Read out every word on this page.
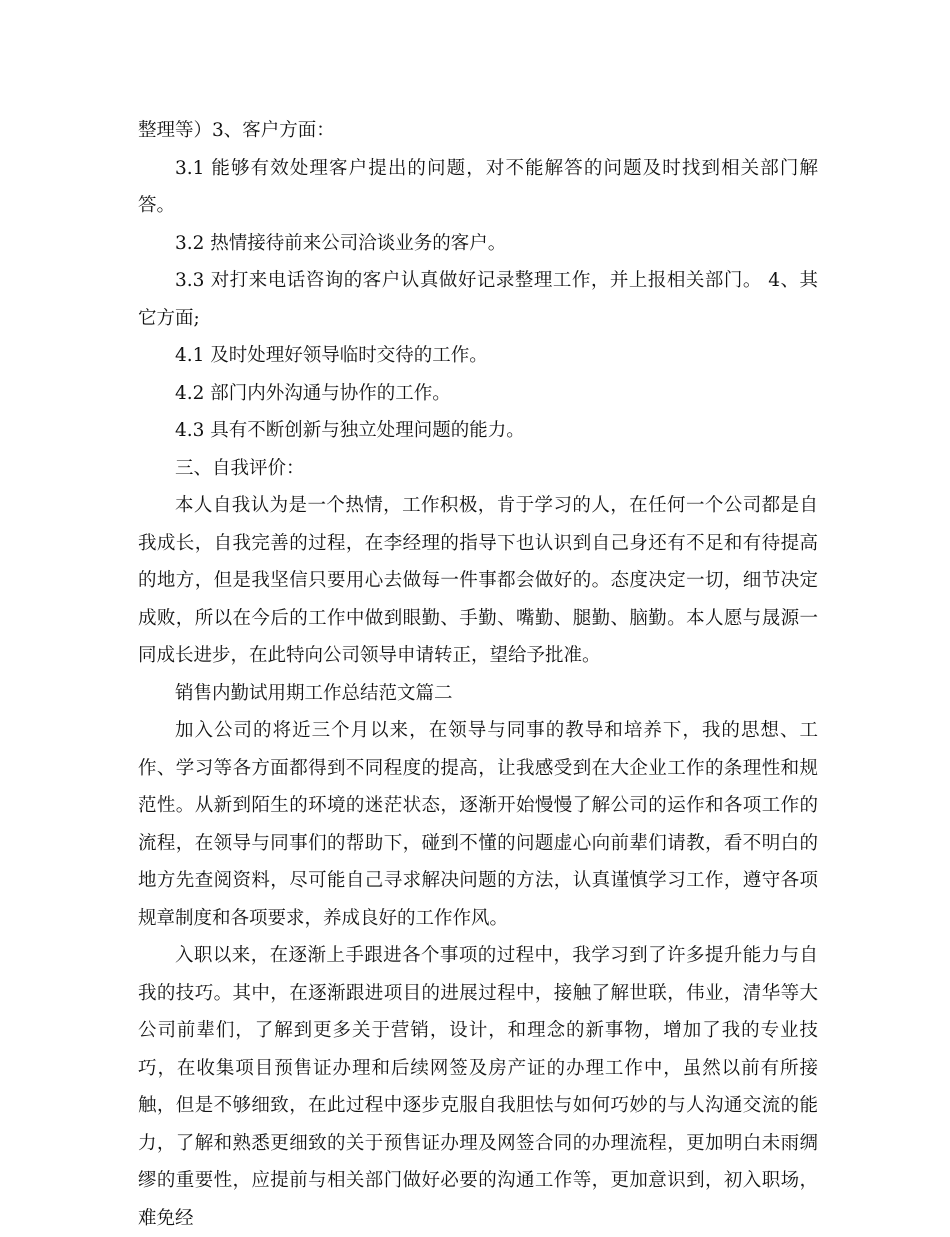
整理等）3、客户方面：

3.1 能够有效处理客户提出的问题，对不能解答的问题及时找到相关部门解答。

3.2 热情接待前来公司洽谈业务的客户。

3.3 对打来电话咨询的客户认真做好记录整理工作，并上报相关部门。 4、其它方面;

4.1 及时处理好领导临时交待的工作。

4.2 部门内外沟通与协作的工作。

4.3 具有不断创新与独立处理问题的能力。

三、自我评价：

本人自我认为是一个热情，工作积极，肯于学习的人，在任何一个公司都是自我成长，自我完善的过程，在李经理的指导下也认识到自己身还有不足和有待提高的地方，但是我坚信只要用心去做每一件事都会做好的。态度决定一切，细节决定成败，所以在今后的工作中做到眼勤、手勤、嘴勤、腿勤、脑勤。本人愿与晟源一同成长进步，在此特向公司领导申请转正，望给予批准。

销售内勤试用期工作总结范文篇二

加入公司的将近三个月以来，在领导与同事的教导和培养下，我的思想、工作、学习等各方面都得到不同程度的提高，让我感受到在大企业工作的条理性和规范性。从新到陌生的环境的迷茫状态，逐渐开始慢慢了解公司的运作和各项工作的流程，在领导与同事们的帮助下，碰到不懂的问题虚心向前辈们请教，看不明白的地方先查阅资料，尽可能自己寻求解决问题的方法，认真谨慎学习工作，遵守各项规章制度和各项要求，养成良好的工作作风。

入职以来，在逐渐上手跟进各个事项的过程中，我学习到了许多提升能力与自我的技巧。其中，在逐渐跟进项目的进展过程中，接触了解世联，伟业，清华等大公司前辈们，了解到更多关于营销，设计，和理念的新事物，增加了我的专业技巧，在收集项目预售证办理和后续网签及房产证的办理工作中，虽然以前有所接触，但是不够细致，在此过程中逐步克服自我胆怯与如何巧妙的与人沟通交流的能力，了解和熟悉更细致的关于预售证办理及网签合同的办理流程，更加明白未雨绸缪的重要性，应提前与相关部门做好必要的沟通工作等，更加意识到，初入职场，难免经
